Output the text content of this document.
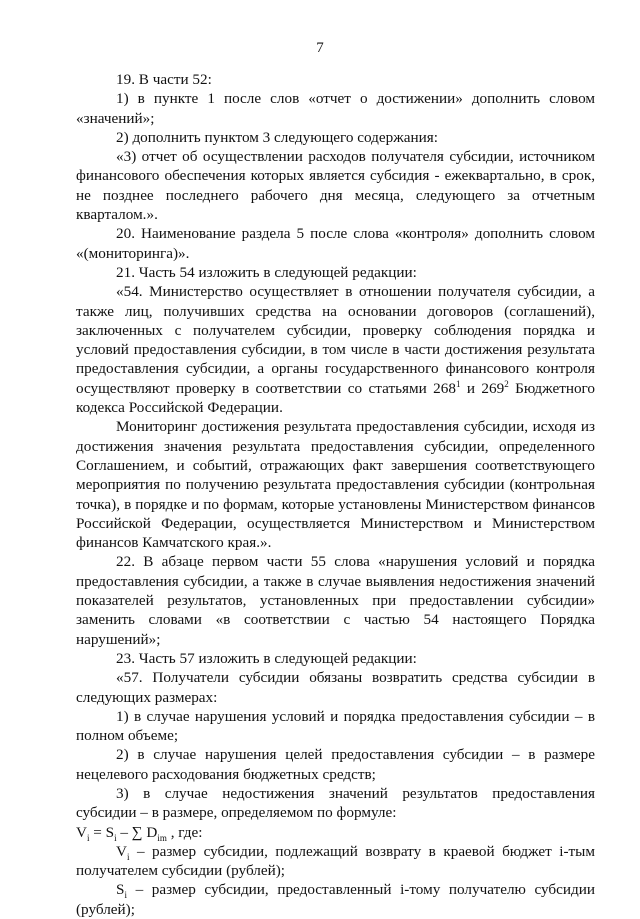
7

19. В части 52:

1) в пункте 1 после слов «отчет о достижении» дополнить словом «значений»;

2) дополнить пунктом 3 следующего содержания:

«3) отчет об осуществлении расходов получателя субсидии, источником финансового обеспечения которых является субсидия - ежеквартально, в срок, не позднее последнего рабочего дня месяца, следующего за отчетным кварталом.».

20. Наименование раздела 5 после слова «контроля» дополнить словом «(мониторинга)».

21. Часть 54 изложить в следующей редакции:

«54. Министерство осуществляет в отношении получателя субсидии, а также лиц, получивших средства на основании договоров (соглашений), заключенных с получателем субсидии, проверку соблюдения порядка и условий предоставления субсидии, в том числе в части достижения результата предоставления субсидии, а органы государственного финансового контроля осуществляют проверку в соответствии со статьями $268^1$ и $269^2$ Бюджетного кодекса Российской Федерации.

Мониторинг достижения результата предоставления субсидии, исходя из достижения значения результата предоставления субсидии, определенного Соглашением, и событий, отражающих факт завершения соответствующего мероприятия по получению результата предоставления субсидии (контрольная точка), в порядке и по формам, которые установлены Министерством финансов Российской Федерации, осуществляется Министерством и Министерством финансов Камчатского края.».

22. В абзаце первом части 55 слова «нарушения условий и порядка предоставления субсидии, а также в случае выявления недостижения значений показателей результатов, установленных при предоставлении субсидии» заменить словами «в соответствии с частью 54 настоящего Порядка нарушений»;

23. Часть 57 изложить в следующей редакции:

«57. Получатели субсидии обязаны возвратить средства субсидии в следующих размерах:

1) в случае нарушения условий и порядка предоставления субсидии – в полном объеме;

2) в случае нарушения целей предоставления субсидии – в размере нецелевого расходования бюджетных средств;

3) в случае недостижения значений результатов предоставления субсидии – в размере, определяемом по формуле:

$V_i = S_i$ – ∑ $D_{im}$ , где:

$V_i$ – размер субсидии, подлежащий возврату в краевой бюджет i-тым получателем субсидии (рублей);

$S_i$ – размер субсидии, предоставленный i-тому получателю субсидии (рублей);
